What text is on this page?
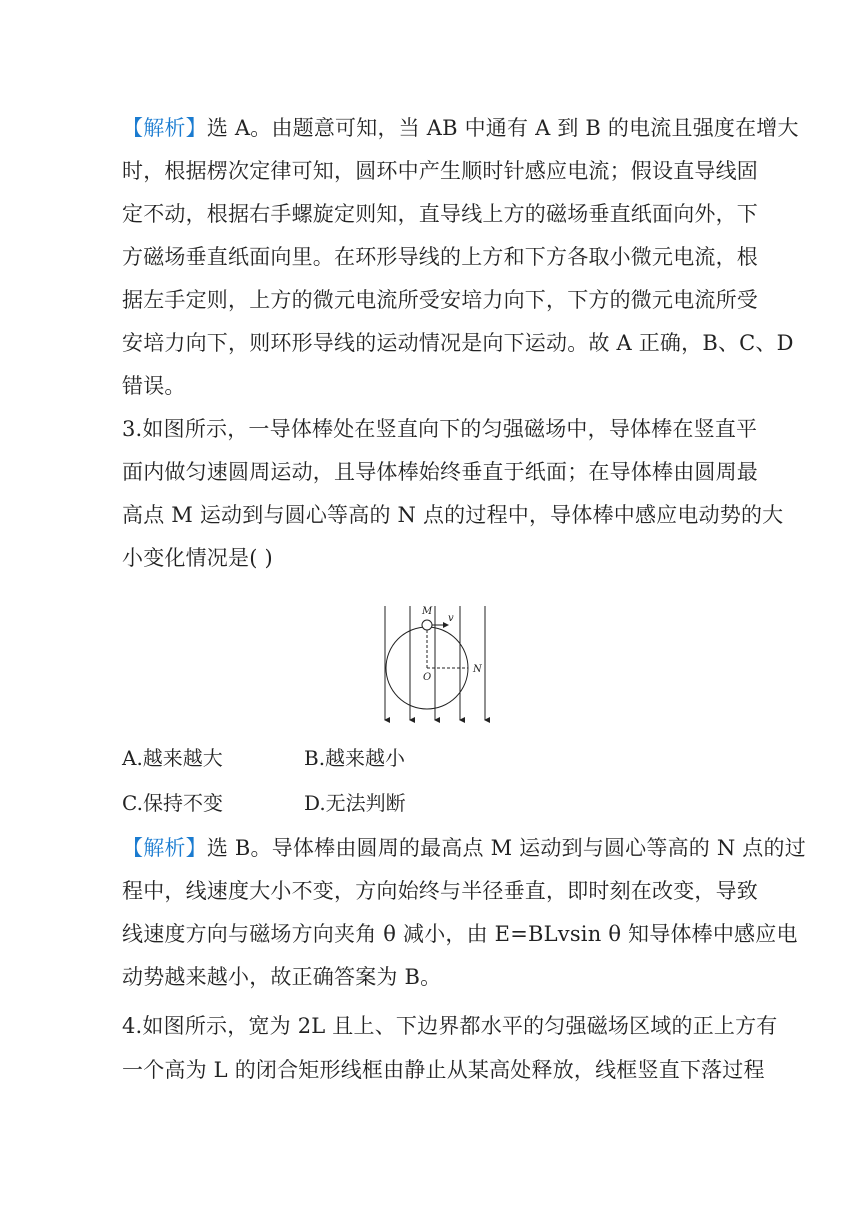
【解析】选 A。由题意可知，当 AB 中通有 A 到 B 的电流且强度在增大
时，根据楞次定律可知，圆环中产生顺时针感应电流；假设直导线固
定不动，根据右手螺旋定则知，直导线上方的磁场垂直纸面向外，下
方磁场垂直纸面向里。在环形导线的上方和下方各取小微元电流，根
据左手定则，上方的微元电流所受安培力向下，下方的微元电流所受
安培力向下，则环形导线的运动情况是向下运动。故 A 正确，B、C、D
错误。
3.如图所示，一导体棒处在竖直向下的匀强磁场中，导体棒在竖直平
面内做匀速圆周运动，且导体棒始终垂直于纸面；在导体棒由圆周最
高点 M 运动到与圆心等高的 N 点的过程中，导体棒中感应电动势的大
小变化情况是( )
M
v
O
N
A.越来越大	B.越来越小
C.保持不变	D.无法判断
【解析】选 B。导体棒由圆周的最高点 M 运动到与圆心等高的 N 点的过
程中，线速度大小不变，方向始终与半径垂直，即时刻在改变，导致
线速度方向与磁场方向夹角 θ 减小，由 E=BLvsin θ 知导体棒中感应电
动势越来越小，故正确答案为 B。
4.如图所示，宽为 2L 且上、下边界都水平的匀强磁场区域的正上方有
一个高为 L 的闭合矩形线框由静止从某高处释放，线框竖直下落过程
